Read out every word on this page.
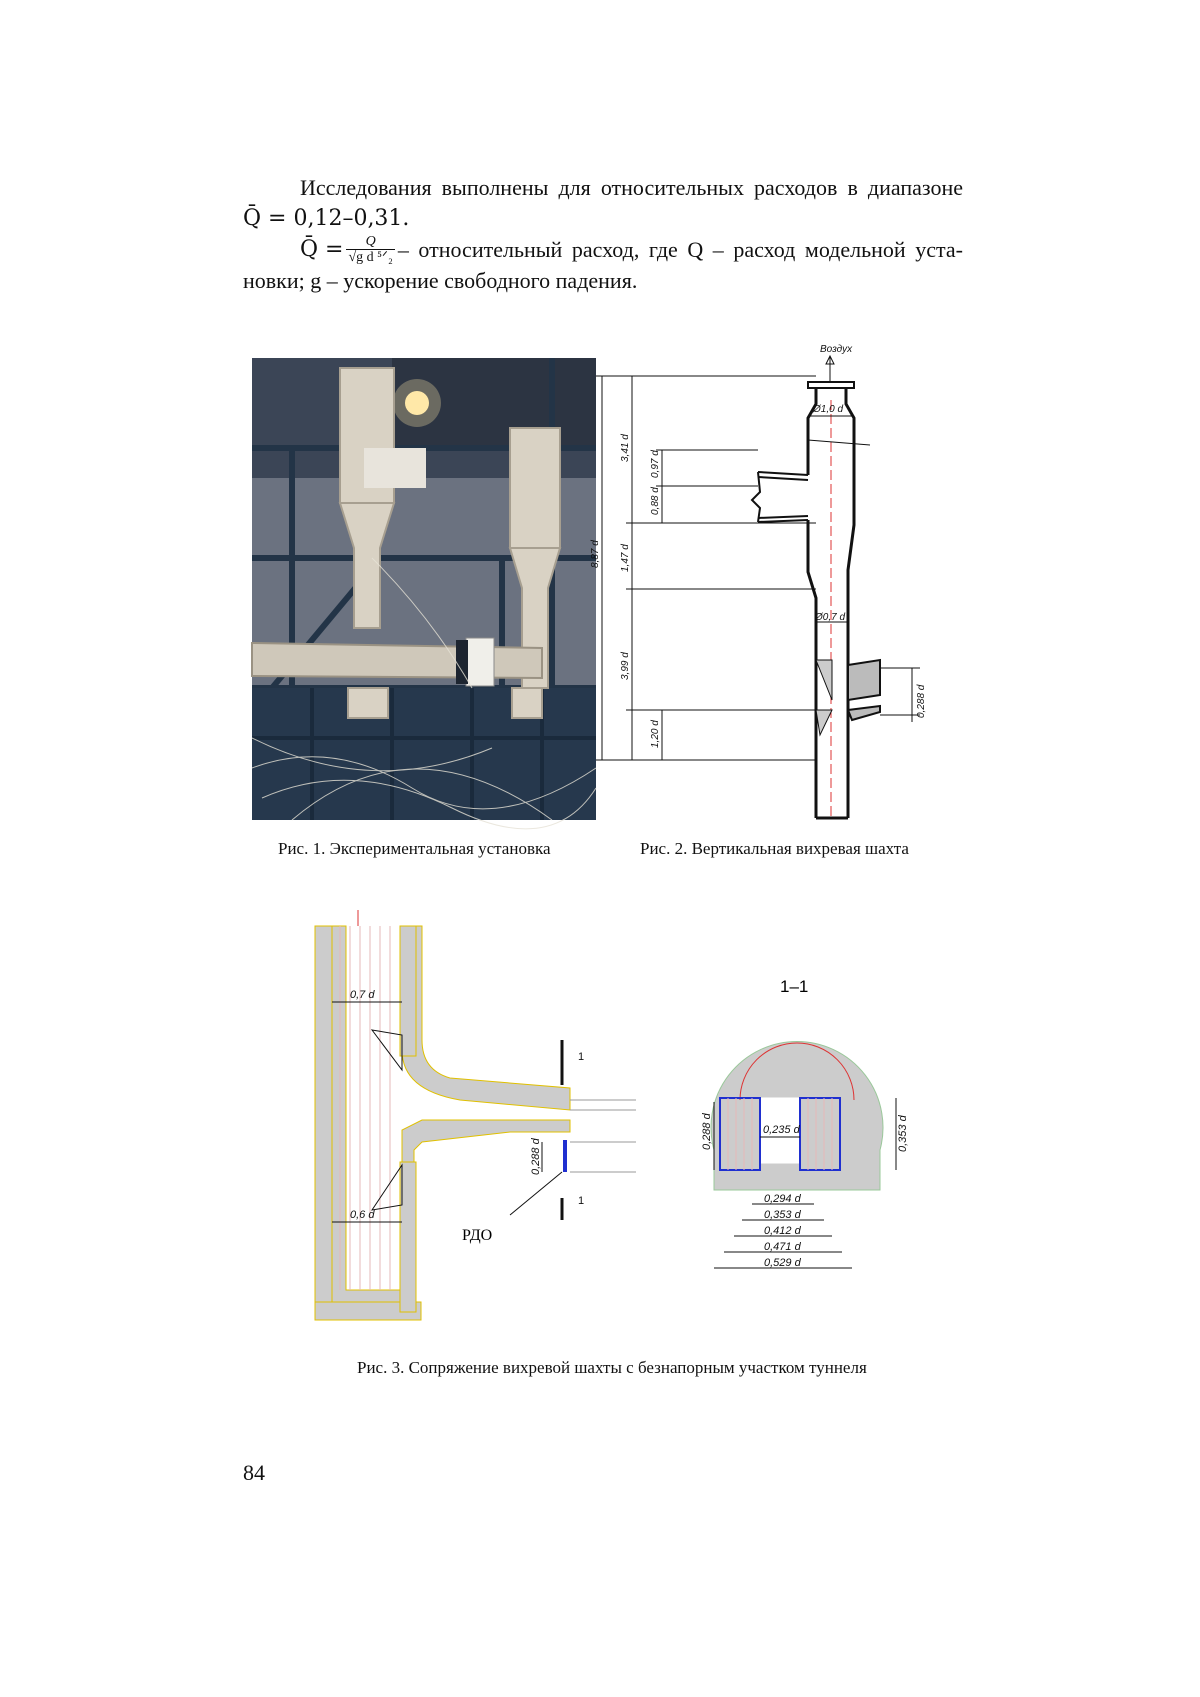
Исследования выполнены для относительных расходов в диапазоне
Q̄ = 0,12–0,31.
Q̄ = $\frac{Q}{\text{√g d ⁵ᐟ₂}}$ – относительный расход, где Q – расход модельной уста-
новки; g – ускорение свободного падения.
Рис. 1. Экспериментальная установка
Воздух
Ø1,0 d
Ø0,7 d
8,87 d
3,41 d
0,97 d
0,88 d
1,47 d
3,99 d
1,20 d
0,288 d
Рис. 2. Вертикальная вихревая шахта
0,7 d
0,6 d
1
1
0,288 d
РДО
1–1
0,235 d
0,288 d	0,353 d
0,294 d
0,353 d
0,412 d
0,471 d
0,529 d
Рис. 3. Сопряжение вихревой шахты с безнапорным участком туннеля
84
